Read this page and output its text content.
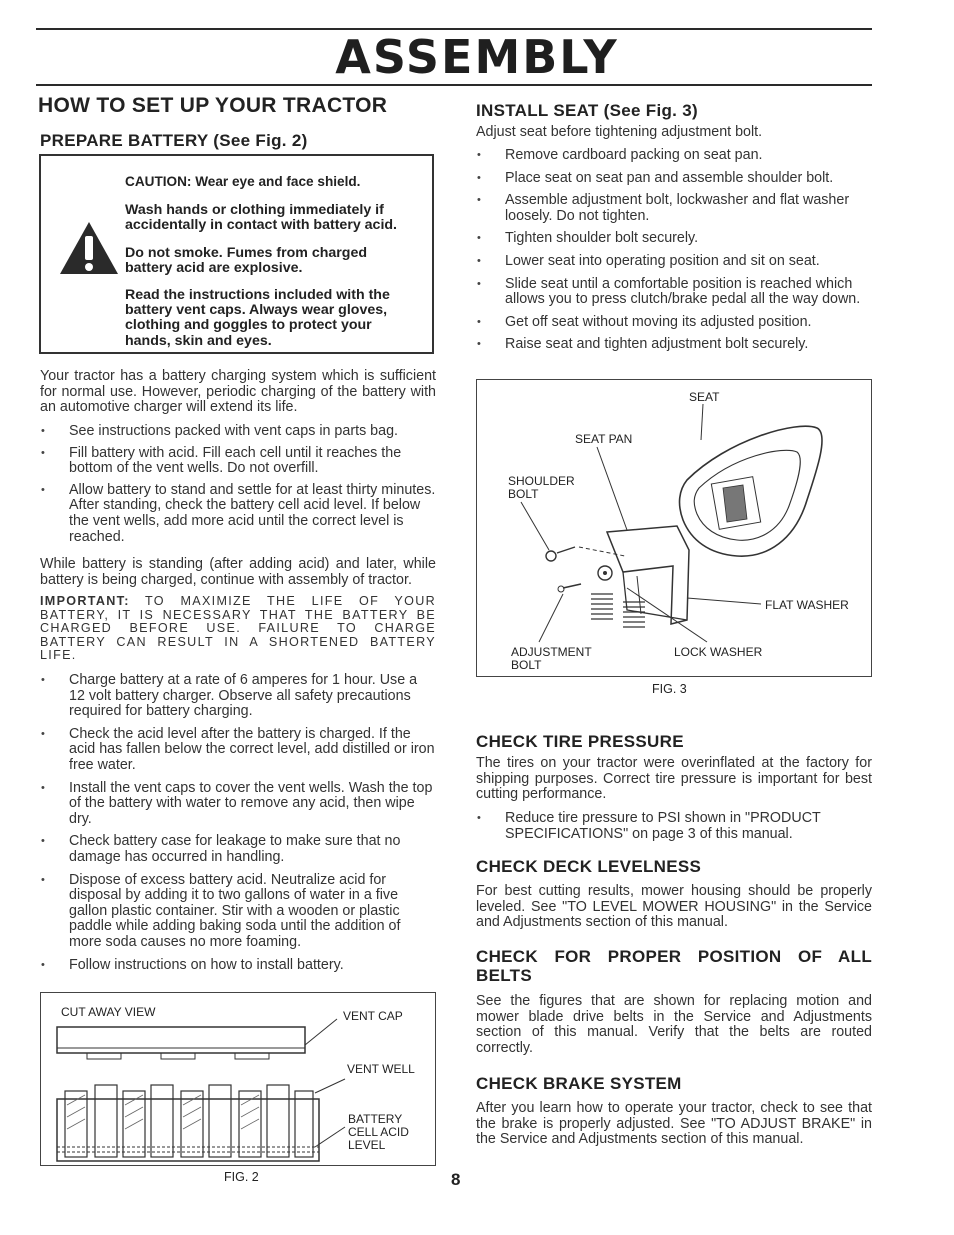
ASSEMBLY
HOW TO SET UP YOUR TRACTOR
PREPARE BATTERY (See Fig. 2)

CAUTION: Wear eye and face shield.

Wash hands or clothing immediately if accidentally in contact with battery acid.

Do not smoke. Fumes from charged battery acid are explosive.

Read the instructions included with the battery vent caps. Always wear gloves, clothing and goggles to protect your hands, skin and eyes.

Your tractor has a battery charging system which is sufficient for normal use. However, periodic charging of the battery with an automotive charger will extend its life.
• See instructions packed with vent caps in parts bag.
• Fill battery with acid. Fill each cell until it reaches the bottom of the vent wells. Do not overfill.
• Allow battery to stand and settle for at least thirty minutes. After standing, check the battery cell acid level. If below the vent wells, add more acid until the correct level is reached.
While battery is standing (after adding acid) and later, while battery is being charged, continue with assembly of tractor.
IMPORTANT: TO MAXIMIZE THE LIFE OF YOUR BATTERY, IT IS NECESSARY THAT THE BATTERY BE CHARGED BEFORE USE. FAILURE TO CHARGE BATTERY CAN RESULT IN A SHORTENED BATTERY LIFE.
• Charge battery at a rate of 6 amperes for 1 hour. Use a 12 volt battery charger. Observe all safety precautions required for battery charging.
• Check the acid level after the battery is charged. If the acid has fallen below the correct level, add distilled or iron free water.
• Install the vent caps to cover the vent wells. Wash the top of the battery with water to remove any acid, then wipe dry.
• Check battery case for leakage to make sure that no damage has occurred in handling.
• Dispose of excess battery acid. Neutralize acid for disposal by adding it to two gallons of water in a five gallon plastic container. Stir with a wooden or plastic paddle while adding baking soda until the addition of more soda causes no more foaming.
• Follow instructions on how to install battery.
CUT AWAY VIEW	VENT CAP
VENT WELL
BATTERY
CELL ACID
LEVEL
FIG. 2
INSTALL SEAT (See Fig. 3)
Adjust seat before tightening adjustment bolt.
• Remove cardboard packing on seat pan.
• Place seat on seat pan and assemble shoulder bolt.
• Assemble adjustment bolt, lockwasher and flat washer loosely. Do not tighten.
• Tighten shoulder bolt securely.
• Lower seat into operating position and sit on seat.
• Slide seat until a comfortable position is reached which allows you to press clutch/brake pedal all the way down.
• Get off seat without moving its adjusted position.
• Raise seat and tighten adjustment bolt securely.
SEAT
SEAT PAN
SHOULDER
BOLT
FLAT WASHER
ADJUSTMENT
BOLT
LOCK WASHER
FIG. 3
CHECK TIRE PRESSURE
The tires on your tractor were overinflated at the factory for shipping purposes. Correct tire pressure is important for best cutting performance.
• Reduce tire pressure to PSI shown in "PRODUCT SPECIFICATIONS" on page 3 of this manual.
CHECK DECK LEVELNESS
For best cutting results, mower housing should be properly leveled. See "TO LEVEL MOWER HOUSING" in the Service and Adjustments section of this manual.
CHECK FOR PROPER POSITION OF ALL BELTS
See the figures that are shown for replacing motion and mower blade drive belts in the Service and Adjustments section of this manual. Verify that the belts are routed correctly.
CHECK BRAKE SYSTEM
After you learn how to operate your tractor, check to see that the brake is properly adjusted. See "TO ADJUST BRAKE" in the Service and Adjustments section of this manual.
8
